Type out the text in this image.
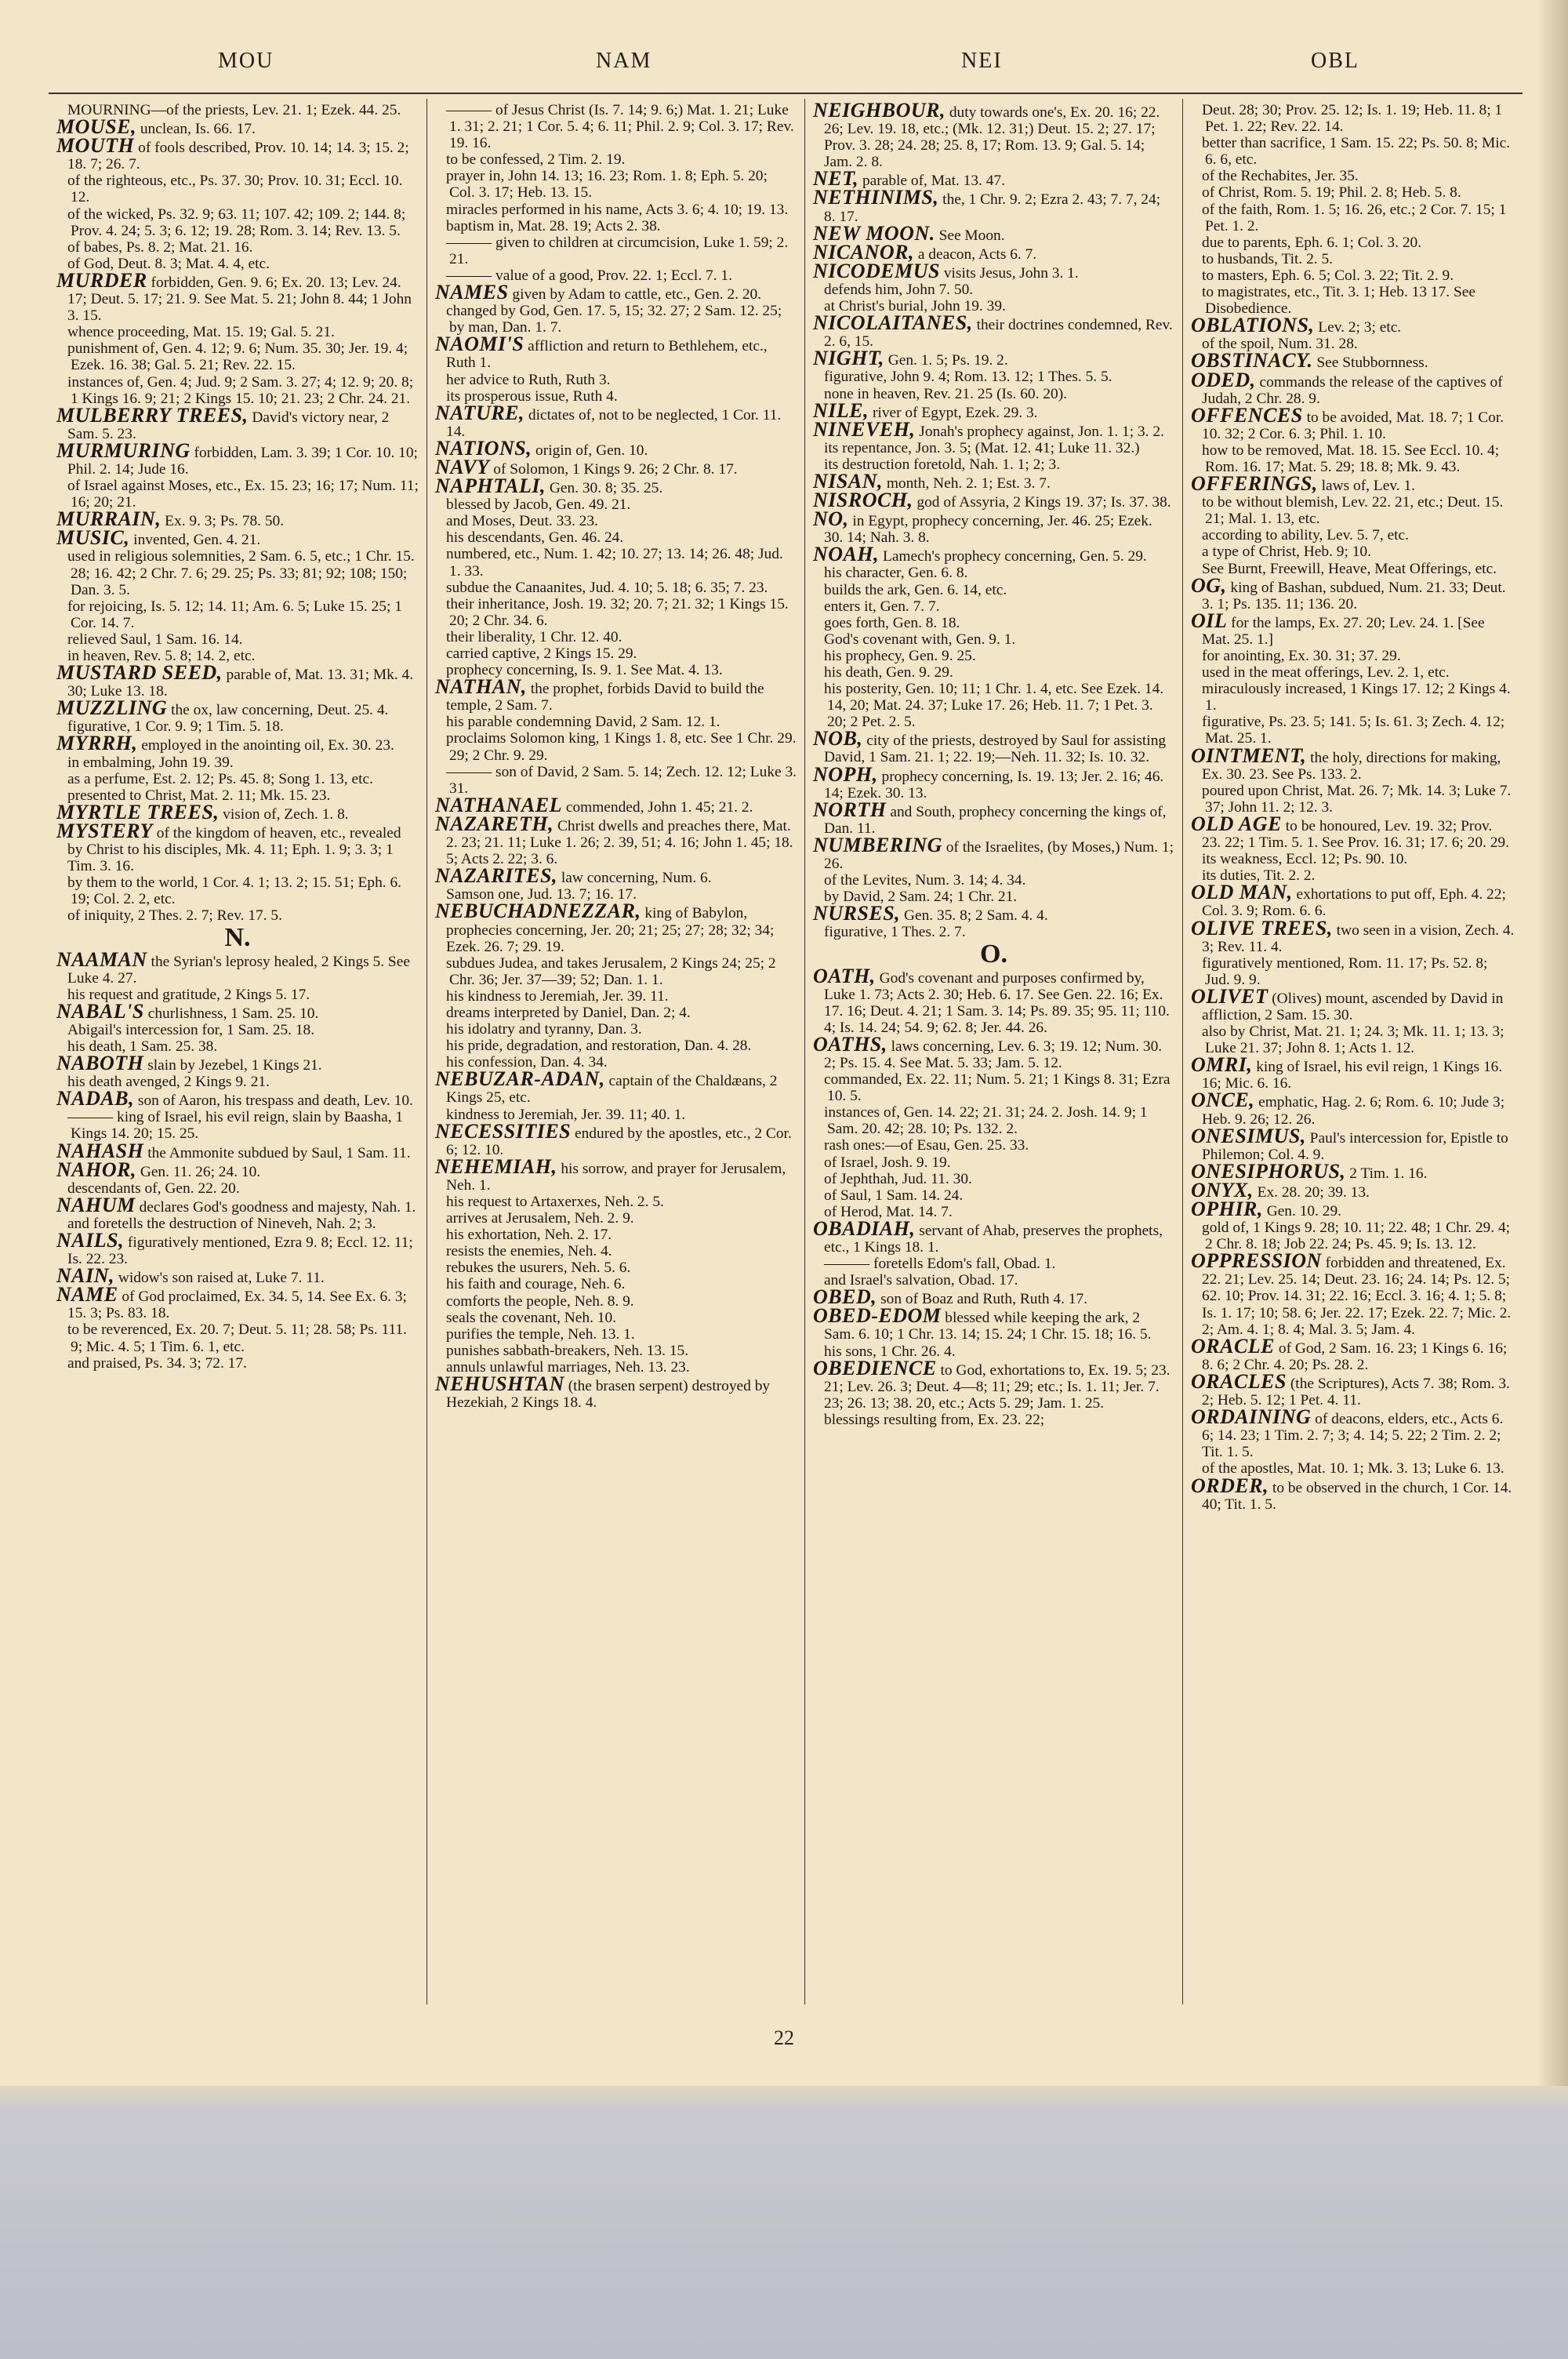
MOU	NAM	NEI	OBL

MOURNING—of the priests, Lev. 21. 1; Ezek. 44. 25.

MOUSE, unclean, Is. 66. 17.

MOUTH of fools described, Prov. 10. 14; 14. 3; 15. 2; 18. 7; 26. 7.

of the righteous, etc., Ps. 37. 30; Prov. 10. 31; Eccl. 10. 12.

of the wicked, Ps. 32. 9; 63. 11; 107. 42; 109. 2; 144. 8; Prov. 4. 24; 5. 3; 6. 12; 19. 28; Rom. 3. 14; Rev. 13. 5.

of babes, Ps. 8. 2; Mat. 21. 16.

of God, Deut. 8. 3; Mat. 4. 4, etc.

MURDER forbidden, Gen. 9. 6; Ex. 20. 13; Lev. 24. 17; Deut. 5. 17; 21. 9. See Mat. 5. 21; John 8. 44; 1 John 3. 15.

whence proceeding, Mat. 15. 19; Gal. 5. 21.

punishment of, Gen. 4. 12; 9. 6; Num. 35. 30; Jer. 19. 4; Ezek. 16. 38; Gal. 5. 21; Rev. 22. 15.

instances of, Gen. 4; Jud. 9; 2 Sam. 3. 27; 4; 12. 9; 20. 8; 1 Kings 16. 9; 21; 2 Kings 15. 10; 21. 23; 2 Chr. 24. 21.

MULBERRY TREES, David's victory near, 2 Sam. 5. 23.

MURMURING forbidden, Lam. 3. 39; 1 Cor. 10. 10; Phil. 2. 14; Jude 16.

of Israel against Moses, etc., Ex. 15. 23; 16; 17; Num. 11; 16; 20; 21.

MURRAIN, Ex. 9. 3; Ps. 78. 50.

MUSIC, invented, Gen. 4. 21.

used in religious solemnities, 2 Sam. 6. 5, etc.; 1 Chr. 15. 28; 16. 42; 2 Chr. 7. 6; 29. 25; Ps. 33; 81; 92; 108; 150; Dan. 3. 5.

for rejoicing, Is. 5. 12; 14. 11; Am. 6. 5; Luke 15. 25; 1 Cor. 14. 7.

relieved Saul, 1 Sam. 16. 14.

in heaven, Rev. 5. 8; 14. 2, etc.

MUSTARD SEED, parable of, Mat. 13. 31; Mk. 4. 30; Luke 13. 18.

MUZZLING the ox, law concerning, Deut. 25. 4.

figurative, 1 Cor. 9. 9; 1 Tim. 5. 18.

MYRRH, employed in the anointing oil, Ex. 30. 23.

in embalming, John 19. 39.

as a perfume, Est. 2. 12; Ps. 45. 8; Song 1. 13, etc.

presented to Christ, Mat. 2. 11; Mk. 15. 23.

MYRTLE TREES, vision of, Zech. 1. 8.

MYSTERY of the kingdom of heaven, etc., revealed by Christ to his disciples, Mk. 4. 11; Eph. 1. 9; 3. 3; 1 Tim. 3. 16.

by them to the world, 1 Cor. 4. 1; 13. 2; 15. 51; Eph. 6. 19; Col. 2. 2, etc.

of iniquity, 2 Thes. 2. 7; Rev. 17. 5.

N.

NAAMAN the Syrian's leprosy healed, 2 Kings 5. See Luke 4. 27.

his request and gratitude, 2 Kings 5. 17.

NABAL'S churlishness, 1 Sam. 25. 10.

Abigail's intercession for, 1 Sam. 25. 18.

his death, 1 Sam. 25. 38.

NABOTH slain by Jezebel, 1 Kings 21.

his death avenged, 2 Kings 9. 21.

NADAB, son of Aaron, his trespass and death, Lev. 10.

——— king of Israel, his evil reign, slain by Baasha, 1 Kings 14. 20; 15. 25.

NAHASH the Ammonite subdued by Saul, 1 Sam. 11.

NAHOR, Gen. 11. 26; 24. 10.

descendants of, Gen. 22. 20.

NAHUM declares God's goodness and majesty, Nah. 1.

and foretells the destruction of Nineveh, Nah. 2; 3.

NAILS, figuratively mentioned, Ezra 9. 8; Eccl. 12. 11; Is. 22. 23.

NAIN, widow's son raised at, Luke 7. 11.

NAME of God proclaimed, Ex. 34. 5, 14. See Ex. 6. 3; 15. 3; Ps. 83. 18.

to be reverenced, Ex. 20. 7; Deut. 5. 11; 28. 58; Ps. 111. 9; Mic. 4. 5; 1 Tim. 6. 1, etc.

and praised, Ps. 34. 3; 72. 17.

——— of Jesus Christ (Is. 7. 14; 9. 6;) Mat. 1. 21; Luke 1. 31; 2. 21; 1 Cor. 5. 4; 6. 11; Phil. 2. 9; Col. 3. 17; Rev. 19. 16.

to be confessed, 2 Tim. 2. 19.

prayer in, John 14. 13; 16. 23; Rom. 1. 8; Eph. 5. 20; Col. 3. 17; Heb. 13. 15.

miracles performed in his name, Acts 3. 6; 4. 10; 19. 13.

baptism in, Mat. 28. 19; Acts 2. 38.

——— given to children at circumcision, Luke 1. 59; 2. 21.

——— value of a good, Prov. 22. 1; Eccl. 7. 1.

NAMES given by Adam to cattle, etc., Gen. 2. 20.

changed by God, Gen. 17. 5, 15; 32. 27; 2 Sam. 12. 25; by man, Dan. 1. 7.

NAOMI'S affliction and return to Bethlehem, etc., Ruth 1.

her advice to Ruth, Ruth 3.

its prosperous issue, Ruth 4.

NATURE, dictates of, not to be neglected, 1 Cor. 11. 14.

NATIONS, origin of, Gen. 10.

NAVY of Solomon, 1 Kings 9. 26; 2 Chr. 8. 17.

NAPHTALI, Gen. 30. 8; 35. 25.

blessed by Jacob, Gen. 49. 21.

and Moses, Deut. 33. 23.

his descendants, Gen. 46. 24.

numbered, etc., Num. 1. 42; 10. 27; 13. 14; 26. 48; Jud. 1. 33.

subdue the Canaanites, Jud. 4. 10; 5. 18; 6. 35; 7. 23.

their inheritance, Josh. 19. 32; 20. 7; 21. 32; 1 Kings 15. 20; 2 Chr. 34. 6.

their liberality, 1 Chr. 12. 40.

carried captive, 2 Kings 15. 29.

prophecy concerning, Is. 9. 1. See Mat. 4. 13.

NATHAN, the prophet, forbids David to build the temple, 2 Sam. 7.

his parable condemning David, 2 Sam. 12. 1.

proclaims Solomon king, 1 Kings 1. 8, etc. See 1 Chr. 29. 29; 2 Chr. 9. 29.

——— son of David, 2 Sam. 5. 14; Zech. 12. 12; Luke 3. 31.

NATHANAEL commended, John 1. 45; 21. 2.

NAZARETH, Christ dwells and preaches there, Mat. 2. 23; 21. 11; Luke 1. 26; 2. 39, 51; 4. 16; John 1. 45; 18. 5; Acts 2. 22; 3. 6.

NAZARITES, law concerning, Num. 6.

Samson one, Jud. 13. 7; 16. 17.

NEBUCHADNEZZAR, king of Babylon, prophecies concerning, Jer. 20; 21; 25; 27; 28; 32; 34; Ezek. 26. 7; 29. 19.

subdues Judea, and takes Jerusalem, 2 Kings 24; 25; 2 Chr. 36; Jer. 37—39; 52; Dan. 1. 1.

his kindness to Jeremiah, Jer. 39. 11.

dreams interpreted by Daniel, Dan. 2; 4.

his idolatry and tyranny, Dan. 3.

his pride, degradation, and restoration, Dan. 4. 28.

his confession, Dan. 4. 34.

NEBUZAR-ADAN, captain of the Chaldæans, 2 Kings 25, etc.

kindness to Jeremiah, Jer. 39. 11; 40. 1.

NECESSITIES endured by the apostles, etc., 2 Cor. 6; 12. 10.

NEHEMIAH, his sorrow, and prayer for Jerusalem, Neh. 1.

his request to Artaxerxes, Neh. 2. 5.

arrives at Jerusalem, Neh. 2. 9.

his exhortation, Neh. 2. 17.

resists the enemies, Neh. 4.

rebukes the usurers, Neh. 5. 6.

his faith and courage, Neh. 6.

comforts the people, Neh. 8. 9.

seals the covenant, Neh. 10.

purifies the temple, Neh. 13. 1.

punishes sabbath-breakers, Neh. 13. 15.

annuls unlawful marriages, Neh. 13. 23.

NEHUSHTAN (the brasen serpent) destroyed by Hezekiah, 2 Kings 18. 4.

NEIGHBOUR, duty towards one's, Ex. 20. 16; 22. 26; Lev. 19. 18, etc.; (Mk. 12. 31;) Deut. 15. 2; 27. 17; Prov. 3. 28; 24. 28; 25. 8, 17; Rom. 13. 9; Gal. 5. 14; Jam. 2. 8.

NET, parable of, Mat. 13. 47.

NETHINIMS, the, 1 Chr. 9. 2; Ezra 2. 43; 7. 7, 24; 8. 17.

NEW MOON. See Moon.

NICANOR, a deacon, Acts 6. 7.

NICODEMUS visits Jesus, John 3. 1.

defends him, John 7. 50.

at Christ's burial, John 19. 39.

NICOLAITANES, their doctrines condemned, Rev. 2. 6, 15.

NIGHT, Gen. 1. 5; Ps. 19. 2.

figurative, John 9. 4; Rom. 13. 12; 1 Thes. 5. 5.

none in heaven, Rev. 21. 25 (Is. 60. 20).

NILE, river of Egypt, Ezek. 29. 3.

NINEVEH, Jonah's prophecy against, Jon. 1. 1; 3. 2.

its repentance, Jon. 3. 5; (Mat. 12. 41; Luke 11. 32.)

its destruction foretold, Nah. 1. 1; 2; 3.

NISAN, month, Neh. 2. 1; Est. 3. 7.

NISROCH, god of Assyria, 2 Kings 19. 37; Is. 37. 38.

NO, in Egypt, prophecy concerning, Jer. 46. 25; Ezek. 30. 14; Nah. 3. 8.

NOAH, Lamech's prophecy concerning, Gen. 5. 29.

his character, Gen. 6. 8.

builds the ark, Gen. 6. 14, etc.

enters it, Gen. 7. 7.

goes forth, Gen. 8. 18.

God's covenant with, Gen. 9. 1.

his prophecy, Gen. 9. 25.

his death, Gen. 9. 29.

his posterity, Gen. 10; 11; 1 Chr. 1. 4, etc. See Ezek. 14. 14, 20; Mat. 24. 37; Luke 17. 26; Heb. 11. 7; 1 Pet. 3. 20; 2 Pet. 2. 5.

NOB, city of the priests, destroyed by Saul for assisting David, 1 Sam. 21. 1; 22. 19;—Neh. 11. 32; Is. 10. 32.

NOPH, prophecy concerning, Is. 19. 13; Jer. 2. 16; 46. 14; Ezek. 30. 13.

NORTH and South, prophecy concerning the kings of, Dan. 11.

NUMBERING of the Israelites, (by Moses,) Num. 1; 26.

of the Levites, Num. 3. 14; 4. 34.

by David, 2 Sam. 24; 1 Chr. 21.

NURSES, Gen. 35. 8; 2 Sam. 4. 4.

figurative, 1 Thes. 2. 7.

O.

OATH, God's covenant and purposes confirmed by, Luke 1. 73; Acts 2. 30; Heb. 6. 17. See Gen. 22. 16; Ex. 17. 16; Deut. 4. 21; 1 Sam. 3. 14; Ps. 89. 35; 95. 11; 110. 4; Is. 14. 24; 54. 9; 62. 8; Jer. 44. 26.

OATHS, laws concerning, Lev. 6. 3; 19. 12; Num. 30. 2; Ps. 15. 4. See Mat. 5. 33; Jam. 5. 12.

commanded, Ex. 22. 11; Num. 5. 21; 1 Kings 8. 31; Ezra 10. 5.

instances of, Gen. 14. 22; 21. 31; 24. 2. Josh. 14. 9; 1 Sam. 20. 42; 28. 10; Ps. 132. 2.

rash ones:—of Esau, Gen. 25. 33.

of Israel, Josh. 9. 19.

of Jephthah, Jud. 11. 30.

of Saul, 1 Sam. 14. 24.

of Herod, Mat. 14. 7.

OBADIAH, servant of Ahab, preserves the prophets, etc., 1 Kings 18. 1.

——— foretells Edom's fall, Obad. 1.

and Israel's salvation, Obad. 17.

OBED, son of Boaz and Ruth, Ruth 4. 17.

OBED-EDOM blessed while keeping the ark, 2 Sam. 6. 10; 1 Chr. 13. 14; 15. 24; 1 Chr. 15. 18; 16. 5.

his sons, 1 Chr. 26. 4.

OBEDIENCE to God, exhortations to, Ex. 19. 5; 23. 21; Lev. 26. 3; Deut. 4—8; 11; 29; etc.; Is. 1. 11; Jer. 7. 23; 26. 13; 38. 20, etc.; Acts 5. 29; Jam. 1. 25.

blessings resulting from, Ex. 23. 22;

Deut. 28; 30; Prov. 25. 12; Is. 1. 19; Heb. 11. 8; 1 Pet. 1. 22; Rev. 22. 14.

better than sacrifice, 1 Sam. 15. 22; Ps. 50. 8; Mic. 6. 6, etc.

of the Rechabites, Jer. 35.

of Christ, Rom. 5. 19; Phil. 2. 8; Heb. 5. 8.

of the faith, Rom. 1. 5; 16. 26, etc.; 2 Cor. 7. 15; 1 Pet. 1. 2.

due to parents, Eph. 6. 1; Col. 3. 20.

to husbands, Tit. 2. 5.

to masters, Eph. 6. 5; Col. 3. 22; Tit. 2. 9.

to magistrates, etc., Tit. 3. 1; Heb. 13 17. See Disobedience.

OBLATIONS, Lev. 2; 3; etc.

of the spoil, Num. 31. 28.

OBSTINACY. See Stubbornness.

ODED, commands the release of the captives of Judah, 2 Chr. 28. 9.

OFFENCES to be avoided, Mat. 18. 7; 1 Cor. 10. 32; 2 Cor. 6. 3; Phil. 1. 10.

how to be removed, Mat. 18. 15. See Eccl. 10. 4; Rom. 16. 17; Mat. 5. 29; 18. 8; Mk. 9. 43.

OFFERINGS, laws of, Lev. 1.

to be without blemish, Lev. 22. 21, etc.; Deut. 15. 21; Mal. 1. 13, etc.

according to ability, Lev. 5. 7, etc.

a type of Christ, Heb. 9; 10.

See Burnt, Freewill, Heave, Meat Offerings, etc.

OG, king of Bashan, subdued, Num. 21. 33; Deut. 3. 1; Ps. 135. 11; 136. 20.

OIL for the lamps, Ex. 27. 20; Lev. 24. 1. [See Mat. 25. 1.]

for anointing, Ex. 30. 31; 37. 29.

used in the meat offerings, Lev. 2. 1, etc.

miraculously increased, 1 Kings 17. 12; 2 Kings 4. 1.

figurative, Ps. 23. 5; 141. 5; Is. 61. 3; Zech. 4. 12; Mat. 25. 1.

OINTMENT, the holy, directions for making, Ex. 30. 23. See Ps. 133. 2.

poured upon Christ, Mat. 26. 7; Mk. 14. 3; Luke 7. 37; John 11. 2; 12. 3.

OLD AGE to be honoured, Lev. 19. 32; Prov. 23. 22; 1 Tim. 5. 1. See Prov. 16. 31; 17. 6; 20. 29.

its weakness, Eccl. 12; Ps. 90. 10.

its duties, Tit. 2. 2.

OLD MAN, exhortations to put off, Eph. 4. 22; Col. 3. 9; Rom. 6. 6.

OLIVE TREES, two seen in a vision, Zech. 4. 3; Rev. 11. 4.

figuratively mentioned, Rom. 11. 17; Ps. 52. 8; Jud. 9. 9.

OLIVET (Olives) mount, ascended by David in affliction, 2 Sam. 15. 30.

also by Christ, Mat. 21. 1; 24. 3; Mk. 11. 1; 13. 3; Luke 21. 37; John 8. 1; Acts 1. 12.

OMRI, king of Israel, his evil reign, 1 Kings 16. 16; Mic. 6. 16.

ONCE, emphatic, Hag. 2. 6; Rom. 6. 10; Jude 3; Heb. 9. 26; 12. 26.

ONESIMUS, Paul's intercession for, Epistle to Philemon; Col. 4. 9.

ONESIPHORUS, 2 Tim. 1. 16.

ONYX, Ex. 28. 20; 39. 13.

OPHIR, Gen. 10. 29.

gold of, 1 Kings 9. 28; 10. 11; 22. 48; 1 Chr. 29. 4; 2 Chr. 8. 18; Job 22. 24; Ps. 45. 9; Is. 13. 12.

OPPRESSION forbidden and threatened, Ex. 22. 21; Lev. 25. 14; Deut. 23. 16; 24. 14; Ps. 12. 5; 62. 10; Prov. 14. 31; 22. 16; Eccl. 3. 16; 4. 1; 5. 8; Is. 1. 17; 10; 58. 6; Jer. 22. 17; Ezek. 22. 7; Mic. 2. 2; Am. 4. 1; 8. 4; Mal. 3. 5; Jam. 4.

ORACLE of God, 2 Sam. 16. 23; 1 Kings 6. 16; 8. 6; 2 Chr. 4. 20; Ps. 28. 2.

ORACLES (the Scriptures), Acts 7. 38; Rom. 3. 2; Heb. 5. 12; 1 Pet. 4. 11.

ORDAINING of deacons, elders, etc., Acts 6. 6; 14. 23; 1 Tim. 2. 7; 3; 4. 14; 5. 22; 2 Tim. 2. 2; Tit. 1. 5.

of the apostles, Mat. 10. 1; Mk. 3. 13; Luke 6. 13.

ORDER, to be observed in the church, 1 Cor. 14. 40; Tit. 1. 5.

22
